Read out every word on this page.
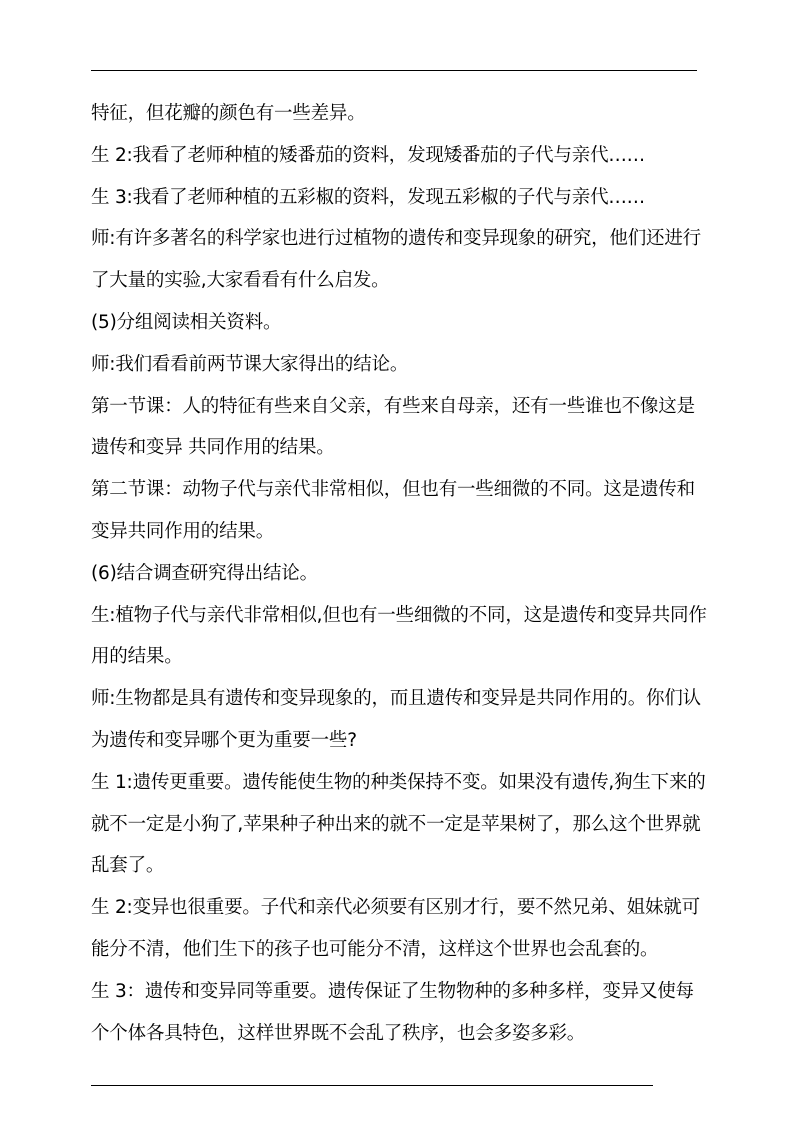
特征，但花瓣的颜色有一些差异。

生 2:我看了老师种植的矮番茄的资料，发现矮番茄的子代与亲代……

生 3:我看了老师种植的五彩椒的资料，发现五彩椒的子代与亲代……

师:有许多著名的科学家也进行过植物的遗传和变异现象的研究，他们还进行了大量的实验,大家看看有什么启发。

(5)分组阅读相关资料。

师:我们看看前两节课大家得出的结论。

第一节课：人的特征有些来自父亲，有些来自母亲，还有一些谁也不像这是遗传和变异 共同作用的结果。

第二节课：动物子代与亲代非常相似，但也有一些细微的不同。这是遗传和变异共同作用的结果。

(6)结合调查研究得出结论。

生:植物子代与亲代非常相似,但也有一些细微的不同，这是遗传和变异共同作用的结果。

师:生物都是具有遗传和变异现象的，而且遗传和变异是共同作用的。你们认为遗传和变异哪个更为重要一些?

生 1:遗传更重要。遗传能使生物的种类保持不变。如果没有遗传,狗生下来的就不一定是小狗了,苹果种子种出来的就不一定是苹果树了，那么这个世界就乱套了。

生 2:变异也很重要。子代和亲代必须要有区别才行，要不然兄弟、姐妹就可能分不清，他们生下的孩子也可能分不清，这样这个世界也会乱套的。

生 3：遗传和变异同等重要。遗传保证了生物物种的多种多样，变异又使每个个体各具特色，这样世界既不会乱了秩序，也会多姿多彩。
